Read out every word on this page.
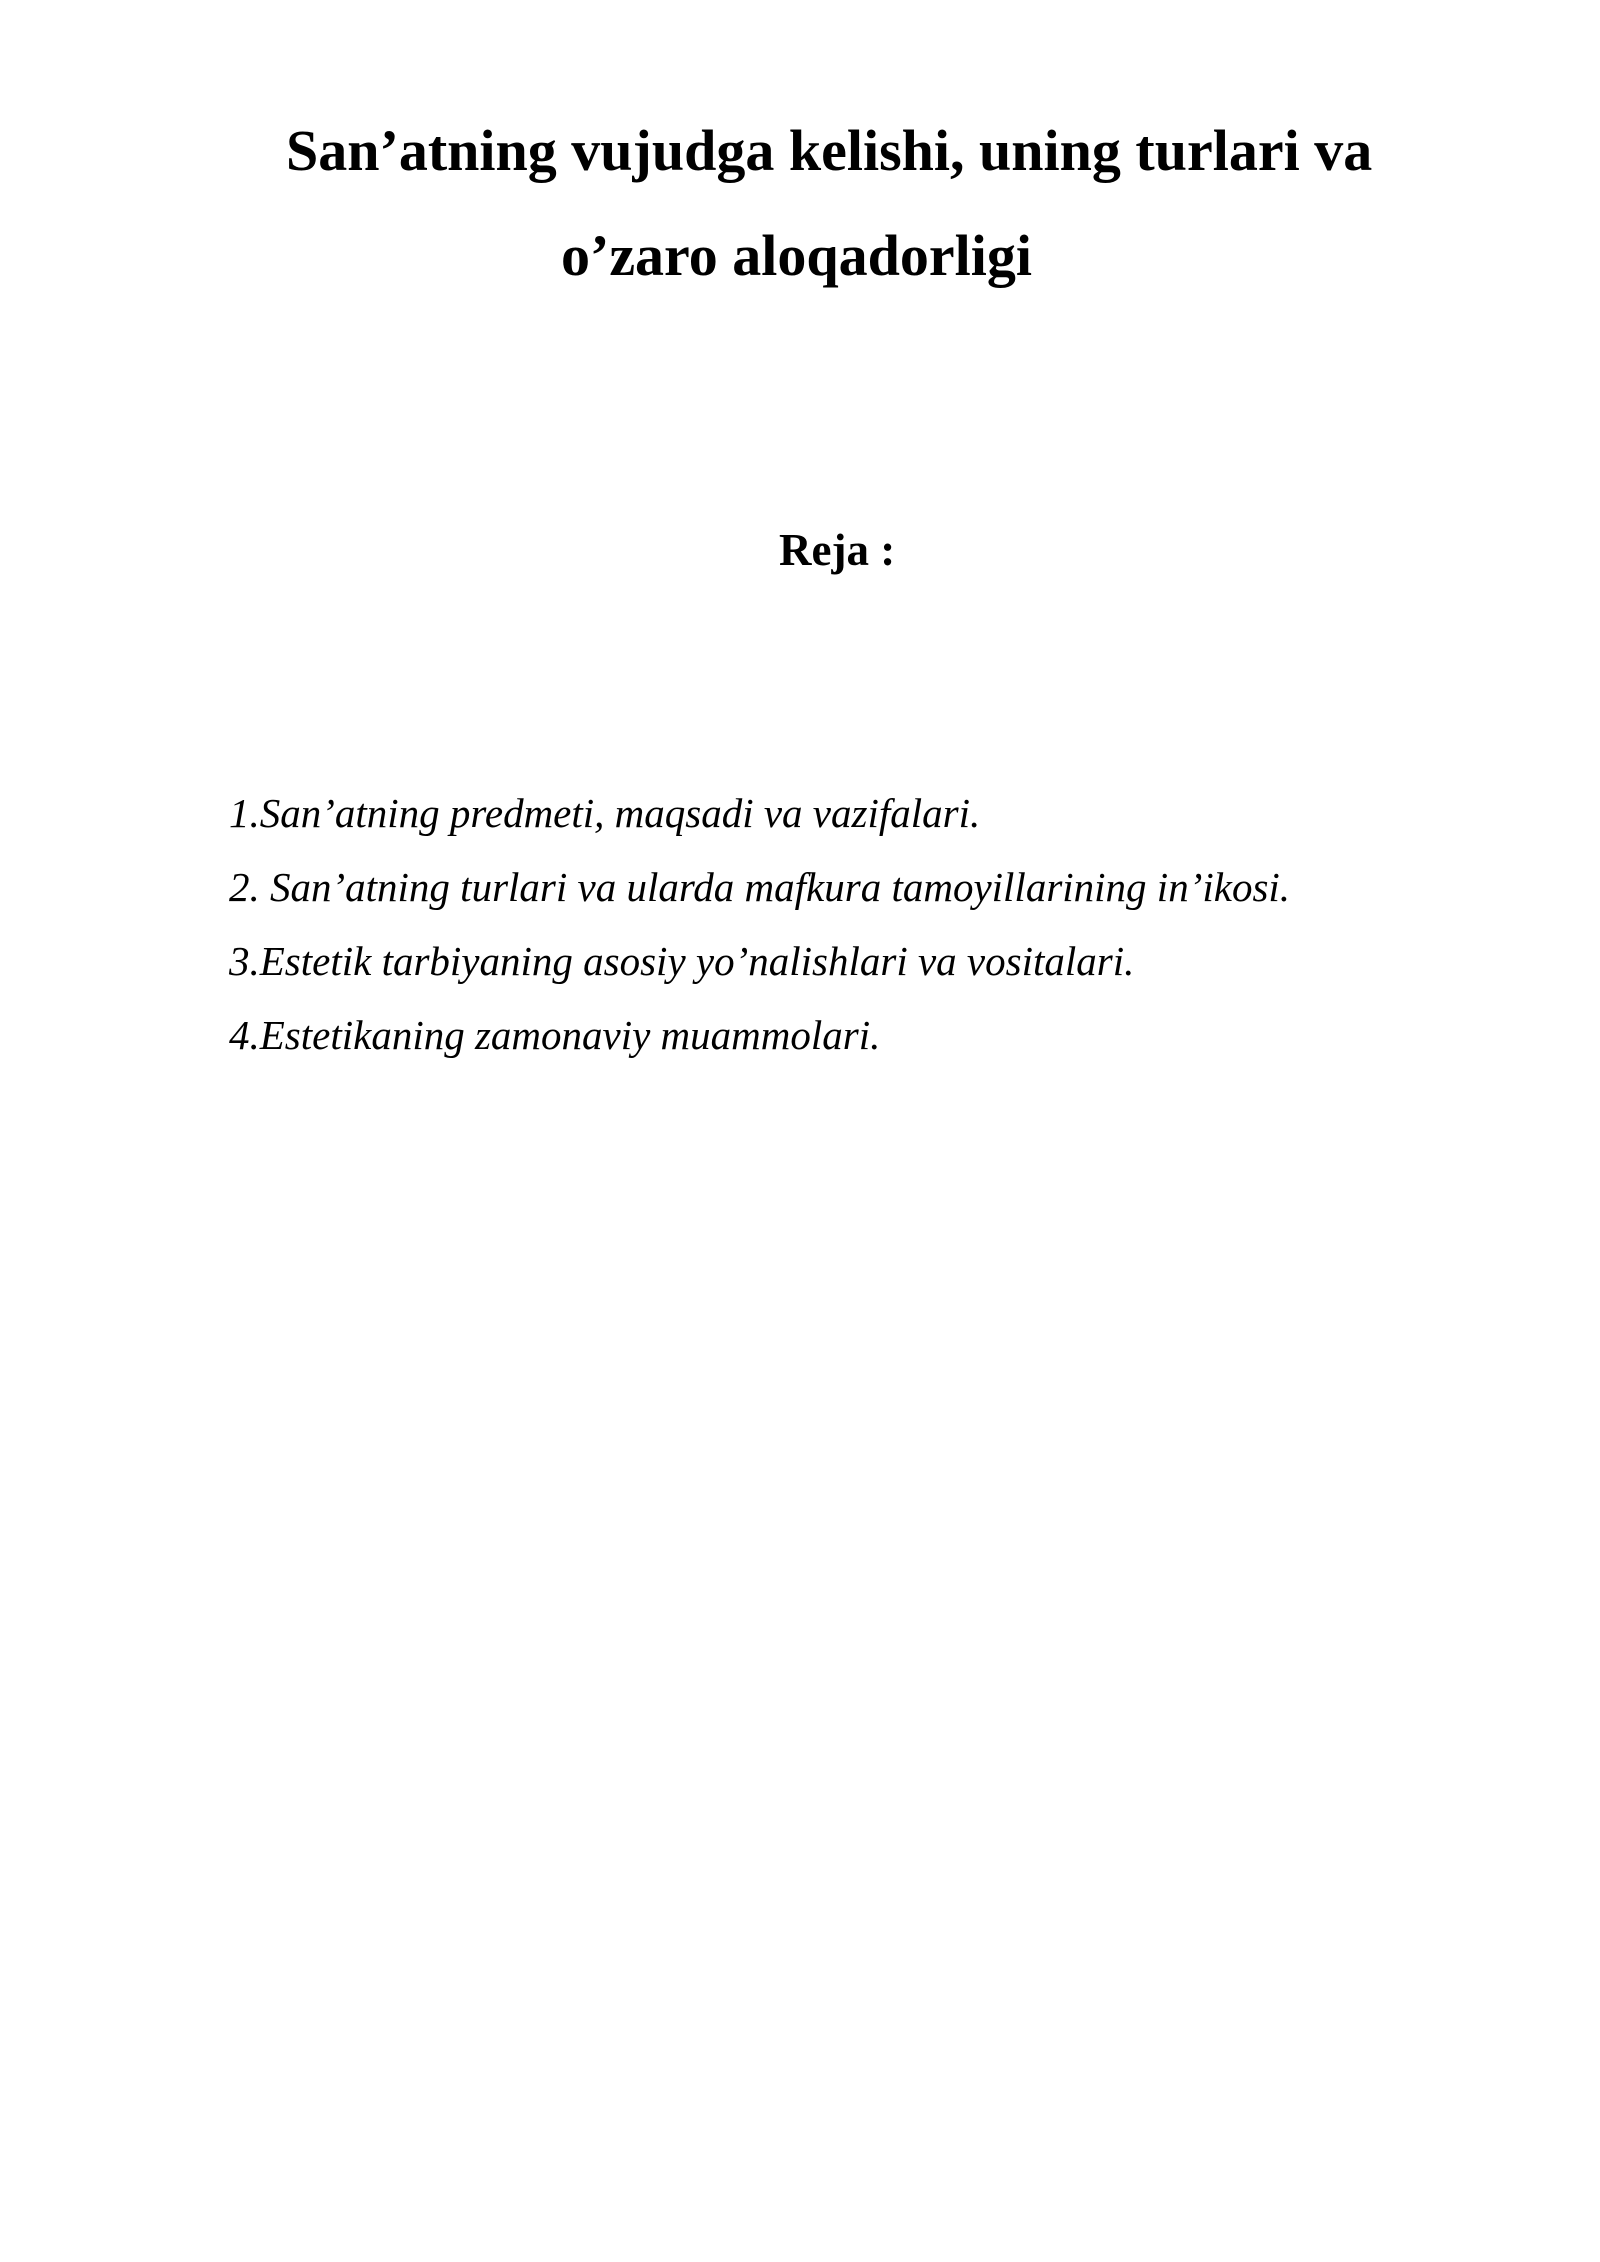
San’atning vujudga kelishi, uning turlari va
o’zaro aloqadorligi
Reja :
1.San’atning predmeti, maqsadi va vazifalari.
2. San’atning turlari va ularda mafkura tamoyillarining in’ikosi.
3.Estetik tarbiyaning asosiy yo’nalishlari va vositalari.
4.Estetikaning zamonaviy muammolari.
